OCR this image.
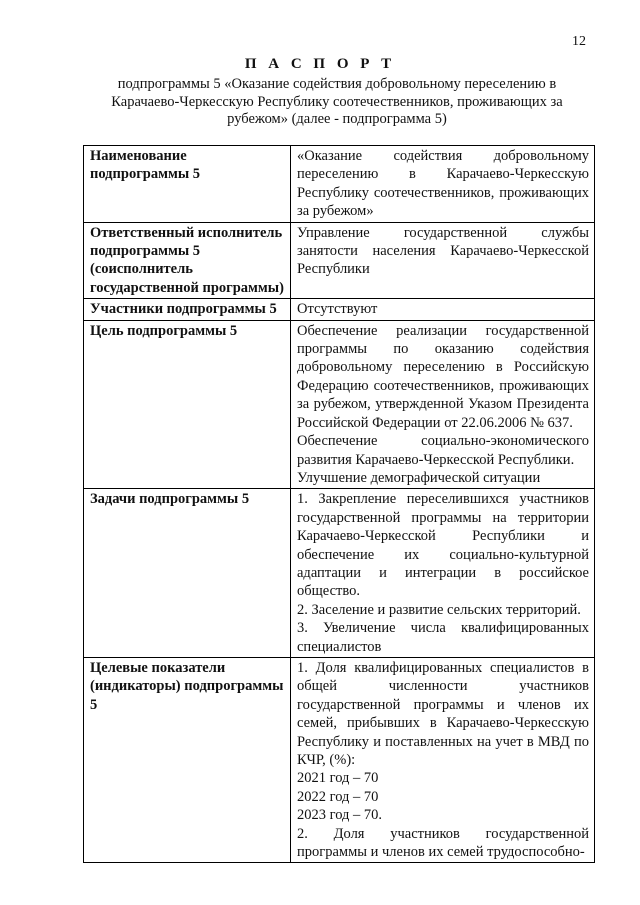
12
П А С П О Р Т
подпрограммы 5 «Оказание содействия добровольному переселению в Карачаево-Черкесскую Республику соотечественников, проживающих за рубежом» (далее - подпрограмма 5)
Наименование подпрограммы 5	«Оказание содействия добровольному переселению в Карачаево-Черкесскую Республику соотечественников, проживающих за рубежом»

Ответственный исполнитель подпрограммы 5 (соисполнитель государственной программы)	Управление государственной службы занятости населения Карачаево-Черкесской Республики

Участники подпрограммы 5	Отсутствуют

Цель подпрограммы 5	Обеспечение реализации государственной программы по оказанию содействия добровольному переселению в Российскую Федерацию соотечественников, проживающих за рубежом, утвержденной Указом Президента Российской Федерации от 22.06.2006 № 637.
Обеспечение социально-экономического развития Карачаево-Черкесской Республики.
Улучшение демографической ситуации

Задачи подпрограммы 5	1. Закрепление переселившихся участников государственной программы на территории Карачаево-Черкесской Республики и обеспечение их социально-культурной адаптации и интеграции в российское общество.
2. Заселение и развитие сельских территорий.
3. Увеличение числа квалифицированных специалистов

Целевые показатели (индикаторы) подпрограммы 5	1. Доля квалифицированных специалистов в общей численности участников государственной программы и членов их семей, прибывших в Карачаево-Черкесскую Республику и поставленных на учет в МВД по КЧР, (%):
2021 год – 70
2022 год – 70
2023 год – 70.
2. Доля участников государственной программы и членов их семей трудоспособно-
